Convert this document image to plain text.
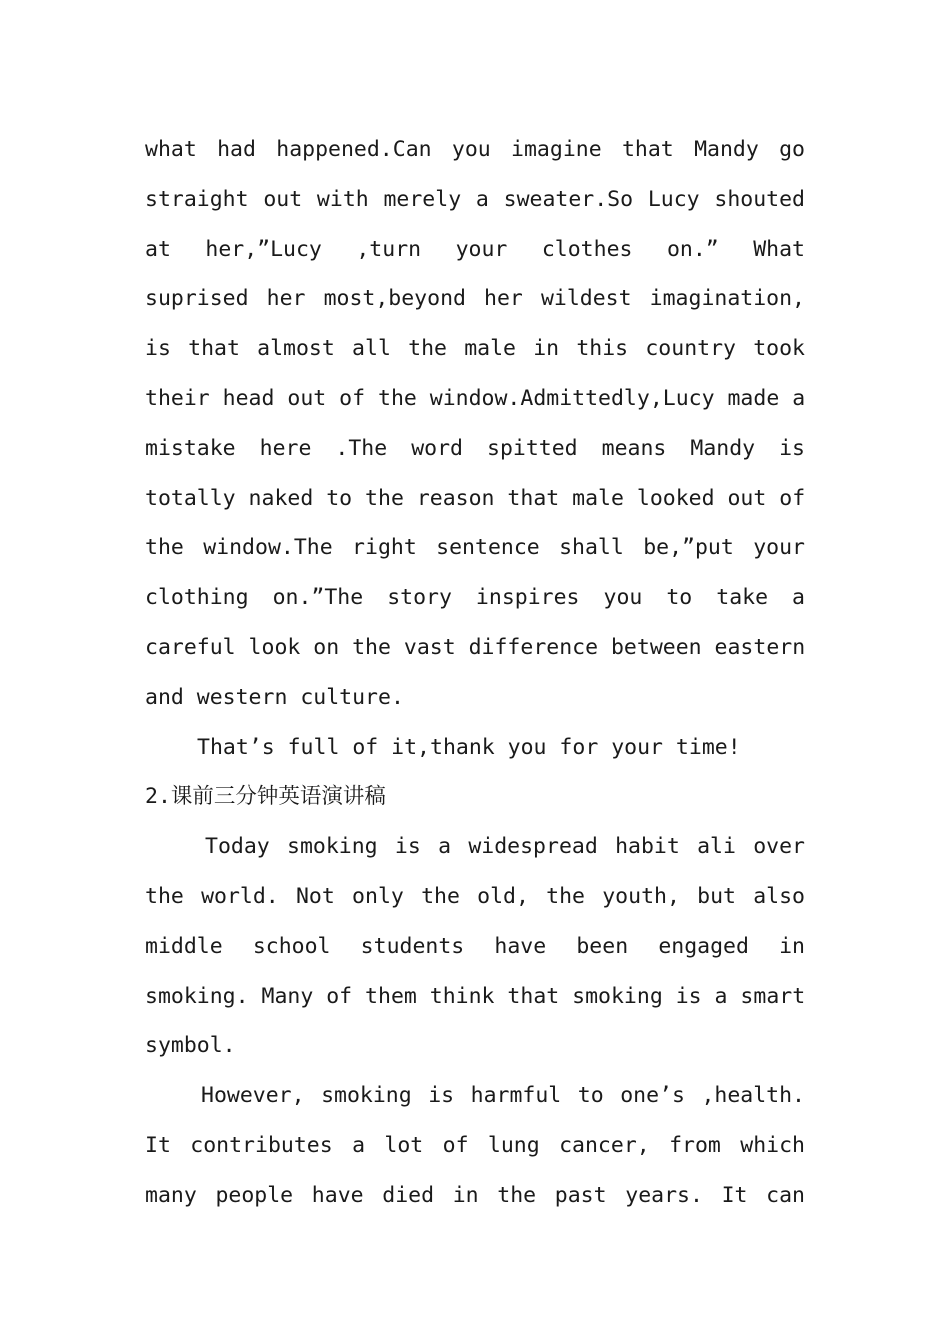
what had happened.Can you imagine that Mandy go
straight out with merely a sweater.So Lucy shouted
at her,”Lucy ,turn your clothes on.” What
suprised her most,beyond her wildest imagination,
is that almost all the male in this country took
their head out of the window.Admittedly,Lucy made a
mistake here .The word spitted means Mandy is
totally naked to the reason that male looked out of
the window.The right sentence shall be,”put your
clothing on.”The story inspires you to take a
careful look on the vast difference between eastern
and western culture.
That’s full of it,thank you for your time!
2.课前三分钟英语演讲稿
Today smoking is a widespread habit ali over
the world. Not only the old, the youth, but also
middle school students have been engaged in
smoking. Many of them think that smoking is a smart
symbol.
However, smoking is harmful to one’s ,health.
It contributes a lot of lung cancer, from which
many people have died in the past years. It can
